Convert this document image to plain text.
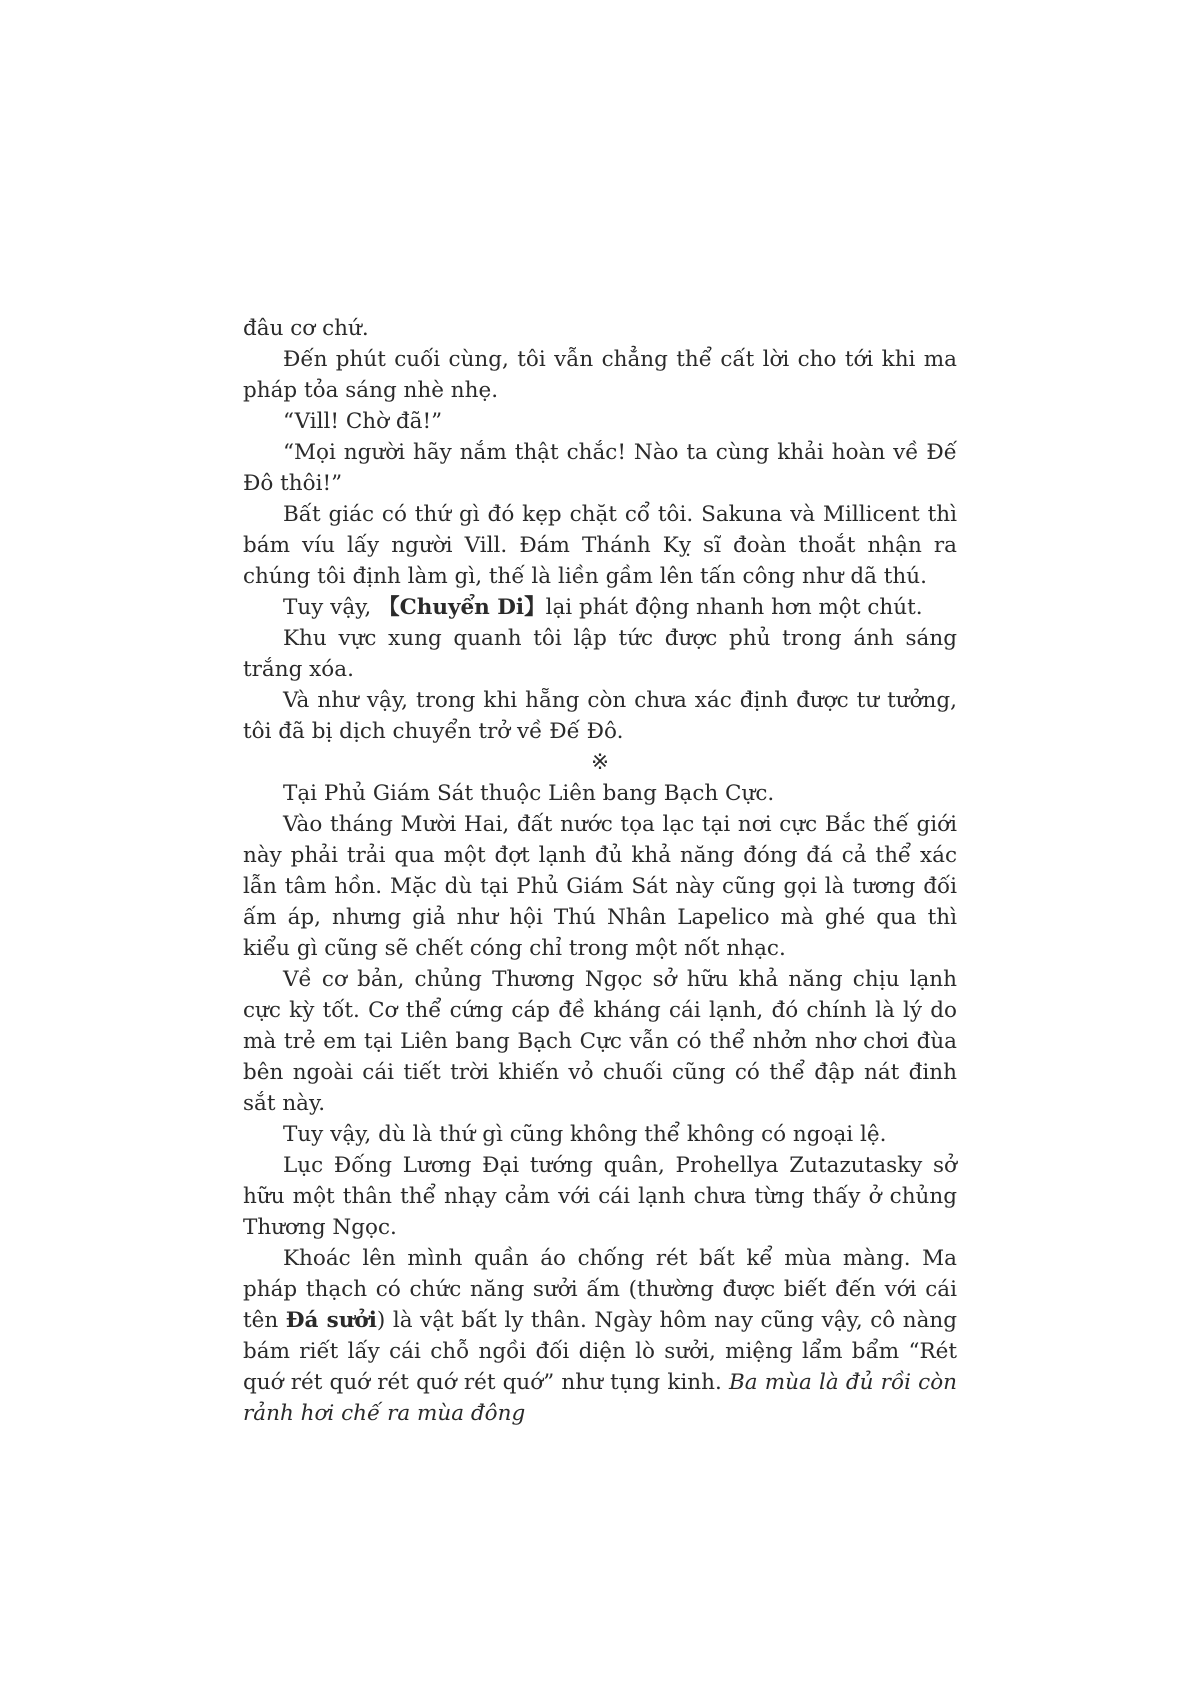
đâu cơ chứ.

Đến phút cuối cùng, tôi vẫn chẳng thể cất lời cho tới khi ma pháp tỏa sáng nhè nhẹ.

“Vill! Chờ đã!”

“Mọi người hãy nắm thật chắc! Nào ta cùng khải hoàn về Đế Đô thôi!”

Bất giác có thứ gì đó kẹp chặt cổ tôi. Sakuna và Millicent thì bám víu lấy người Vill. Đám Thánh Kỵ sĩ đoàn thoắt nhận ra chúng tôi định làm gì, thế là liền gầm lên tấn công như dã thú.

Tuy vậy, 【Chuyển Di】lại phát động nhanh hơn một chút.

Khu vực xung quanh tôi lập tức được phủ trong ánh sáng trắng xóa.

Và như vậy, trong khi hẵng còn chưa xác định được tư tưởng, tôi đã bị dịch chuyển trở về Đế Đô.

※

Tại Phủ Giám Sát thuộc Liên bang Bạch Cực.

Vào tháng Mười Hai, đất nước tọa lạc tại nơi cực Bắc thế giới này phải trải qua một đợt lạnh đủ khả năng đóng đá cả thể xác lẫn tâm hồn. Mặc dù tại Phủ Giám Sát này cũng gọi là tương đối ấm áp, nhưng giả như hội Thú Nhân Lapelico mà ghé qua thì kiểu gì cũng sẽ chết cóng chỉ trong một nốt nhạc.

Về cơ bản, chủng Thương Ngọc sở hữu khả năng chịu lạnh cực kỳ tốt. Cơ thể cứng cáp đề kháng cái lạnh, đó chính là lý do mà trẻ em tại Liên bang Bạch Cực vẫn có thể nhởn nhơ chơi đùa bên ngoài cái tiết trời khiến vỏ chuối cũng có thể đập nát đinh sắt này.

Tuy vậy, dù là thứ gì cũng không thể không có ngoại lệ.

Lục Đống Lương Đại tướng quân, Prohellya Zutazutasky sở hữu một thân thể nhạy cảm với cái lạnh chưa từng thấy ở chủng Thương Ngọc.

Khoác lên mình quần áo chống rét bất kể mùa màng. Ma pháp thạch có chức năng sưởi ấm (thường được biết đến với cái tên Đá sưởi) là vật bất ly thân. Ngày hôm nay cũng vậy, cô nàng bám riết lấy cái chỗ ngồi đối diện lò sưởi, miệng lẩm bẩm “Rét quớ rét quớ rét quớ rét quớ” như tụng kinh. Ba mùa là đủ rồi còn rảnh hơi chế ra mùa đông
